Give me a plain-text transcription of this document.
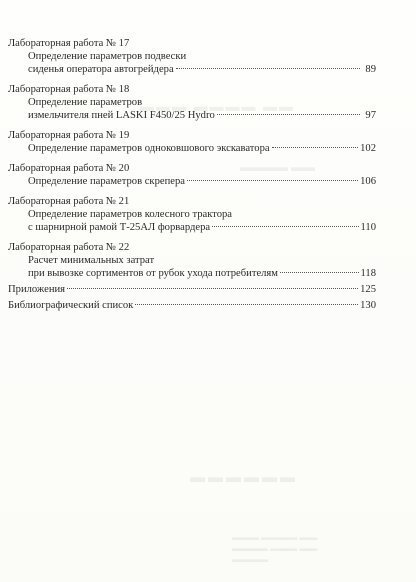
Лабораторная работа № 17
Определение параметров подвески
сиденья оператора автогрейдера	89
Лабораторная работа № 18
Определение параметров
измельчителя пней LASKI F450/25 Hydro	97
Лабораторная работа № 19
Определение параметров одноковшового экскаватора	102
Лабораторная работа № 20
Определение параметров скрепера	106
Лабораторная работа № 21
Определение параметров колесного трактора
с шарнирной рамой Т-25АЛ форвардера	110
Лабораторная работа № 22
Расчет минимальных затрат
при вывозке сортиментов от рубок ухода потребителям	118
Приложения	125
Библиографический список	130
▬▬▬ ▬▬▬▬ ▬▬
▬▬▬▬ ▬▬
▬▬▬▬▬▬
▬▬▬ ▬▬▬▬ ▬▬ ▬▬▬▬ ▬▬▬ ▬▬ ▬▬▬▬
